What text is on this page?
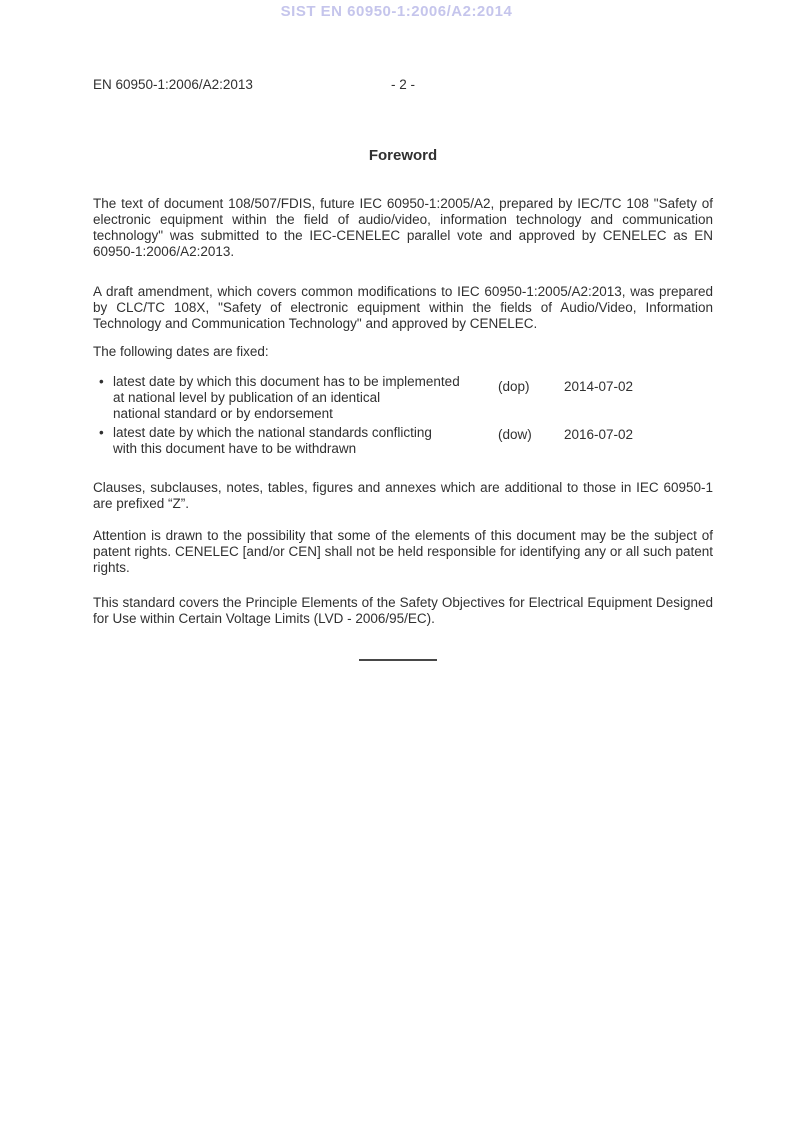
SIST EN 60950-1:2006/A2:2014
EN 60950-1:2006/A2:2013	- 2 -
Foreword
The text of document 108/507/FDIS, future IEC 60950-1:2005/A2, prepared by IEC/TC 108 "Safety of electronic equipment within the field of audio/video, information technology and communication technology" was submitted to the IEC-CENELEC parallel vote and approved by CENELEC as EN 60950-1:2006/A2:2013.
A draft amendment, which covers common modifications to IEC 60950-1:2005/A2:2013, was prepared by CLC/TC 108X, "Safety of electronic equipment within the fields of Audio/Video, Information Technology and Communication Technology" and approved by CENELEC.
The following dates are fixed:
• latest date by which this document has to be implemented
at national level by publication of an identical
national standard or by endorsement
(dop)	2014-07-02
• latest date by which the national standards conflicting
with this document have to be withdrawn
(dow) 2016-07-02
Clauses, subclauses, notes, tables, figures and annexes which are additional to those in IEC 60950-1 are prefixed “Z”.
Attention is drawn to the possibility that some of the elements of this document may be the subject of patent rights. CENELEC [and/or CEN] shall not be held responsible for identifying any or all such patent rights.
This standard covers the Principle Elements of the Safety Objectives for Electrical Equipment Designed for Use within Certain Voltage Limits (LVD - 2006/95/EC).
